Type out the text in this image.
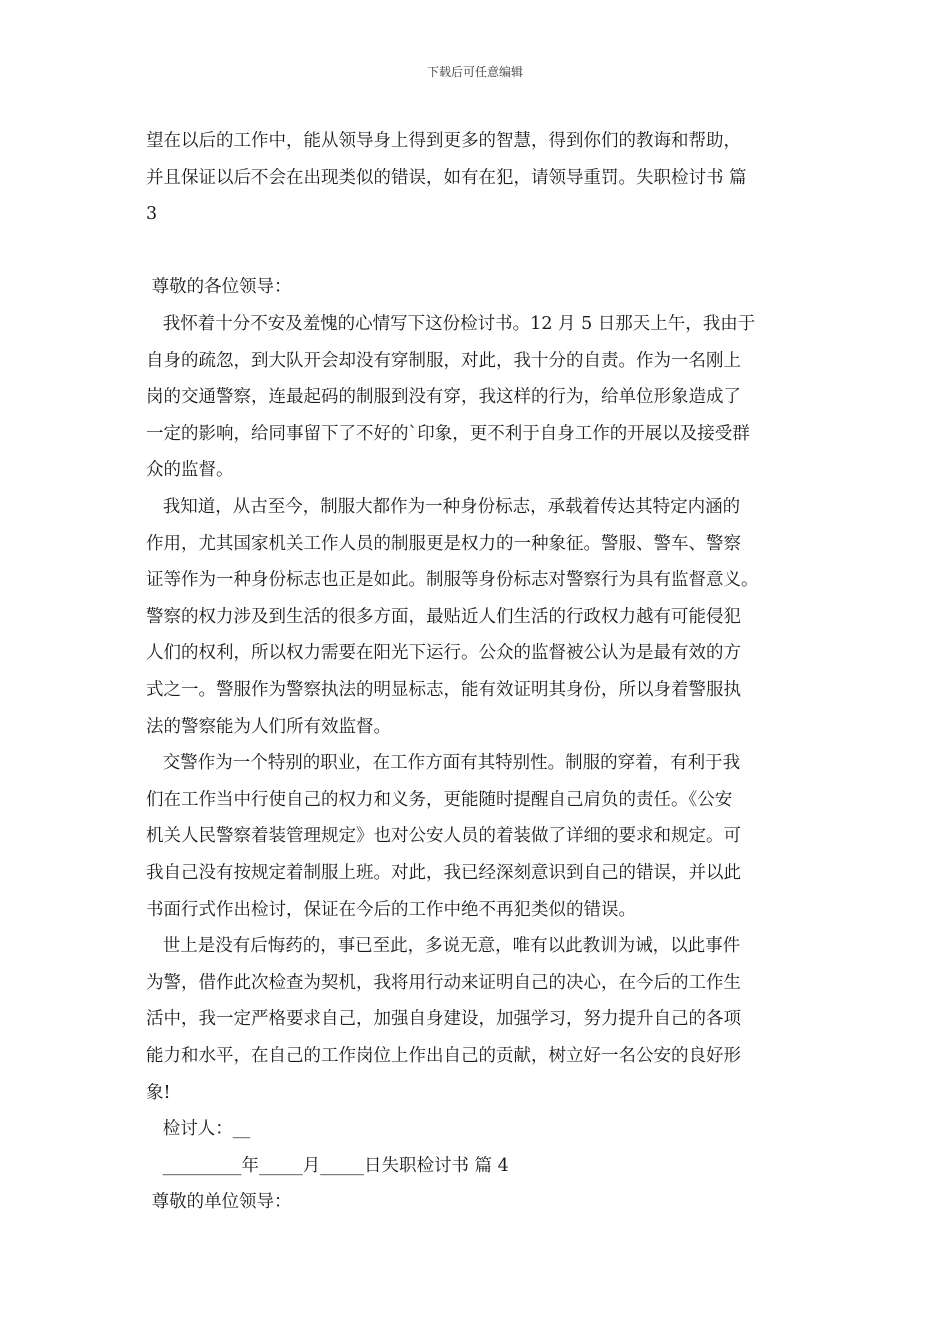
下载后可任意编辑
望在以后的工作中，能从领导身上得到更多的智慧，得到你们的教诲和帮助，
并且保证以后不会在出现类似的错误，如有在犯，请领导重罚。失职检讨书 篇
3
尊敬的各位领导：
我怀着十分不安及羞愧的心情写下这份检讨书。12 月 5 日那天上午，我由于
自身的疏忽，到大队开会却没有穿制服，对此，我十分的自责。作为一名刚上
岗的交通警察，连最起码的制服到没有穿，我这样的行为，给单位形象造成了
一定的影响，给同事留下了不好的`印象，更不利于自身工作的开展以及接受群
众的监督。
我知道，从古至今，制服大都作为一种身份标志，承载着传达其特定内涵的
作用，尤其国家机关工作人员的制服更是权力的一种象征。警服、警车、警察
证等作为一种身份标志也正是如此。制服等身份标志对警察行为具有监督意义。
警察的权力涉及到生活的很多方面，最贴近人们生活的行政权力越有可能侵犯
人们的权利，所以权力需要在阳光下运行。公众的监督被公认为是最有效的方
式之一。警服作为警察执法的明显标志，能有效证明其身份，所以身着警服执
法的警察能为人们所有效监督。
交警作为一个特别的职业，在工作方面有其特别性。制服的穿着，有利于我
们在工作当中行使自己的权力和义务，更能随时提醒自己肩负的责任。《公安
机关人民警察着装管理规定》也对公安人员的着装做了详细的要求和规定。可
我自己没有按规定着制服上班。对此，我已经深刻意识到自己的错误，并以此
书面行式作出检讨，保证在今后的工作中绝不再犯类似的错误。
世上是没有后悔药的，事已至此，多说无意，唯有以此教训为诫，以此事件
为警，借作此次检查为契机，我将用行动来证明自己的决心，在今后的工作生
活中，我一定严格要求自己，加强自身建设，加强学习，努力提升自己的各项
能力和水平，在自己的工作岗位上作出自己的贡献，树立好一名公安的良好形
象!
检讨人：__
_________年_____月_____日失职检讨书 篇 4
尊敬的单位领导：
